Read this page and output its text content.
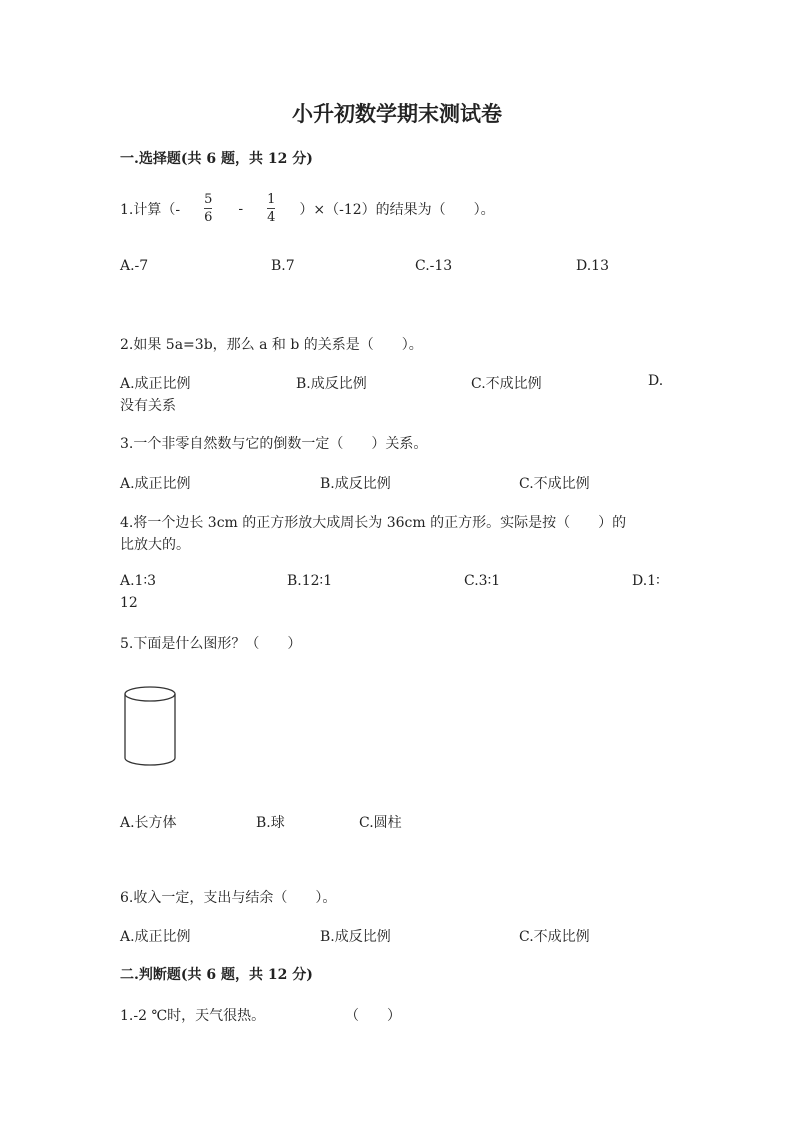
小升初数学期末测试卷
一.选择题(共 6 题，共 12 分)
1.计算（- $\frac{5}{6} - \frac{1}{4} )\times(-12)$的结果为（　　）。
A.-7	B.7	C.-13	D.13
2.如果 5a=3b，那么 a 和 b 的关系是（　　）。
A.成正比例	B.成反比例	C.不成比例	D.
没有关系
3.一个非零自然数与它的倒数一定（　　）关系。
A.成正比例	B.成反比例	C.不成比例
4.将一个边长 3cm 的正方形放大成周长为 36cm 的正方形。实际是按（　　）的
比放大的。
A.1∶3	B.12∶1	C.3∶1	D.1∶
12
5.下面是什么图形？（　　）
A.长方体	B.球	C.圆柱
6.收入一定，支出与结余（　　）。
A.成正比例	B.成反比例	C.不成比例
二.判断题(共 6 题，共 12 分)
1.-2 ℃时，天气很热。	（　　）
